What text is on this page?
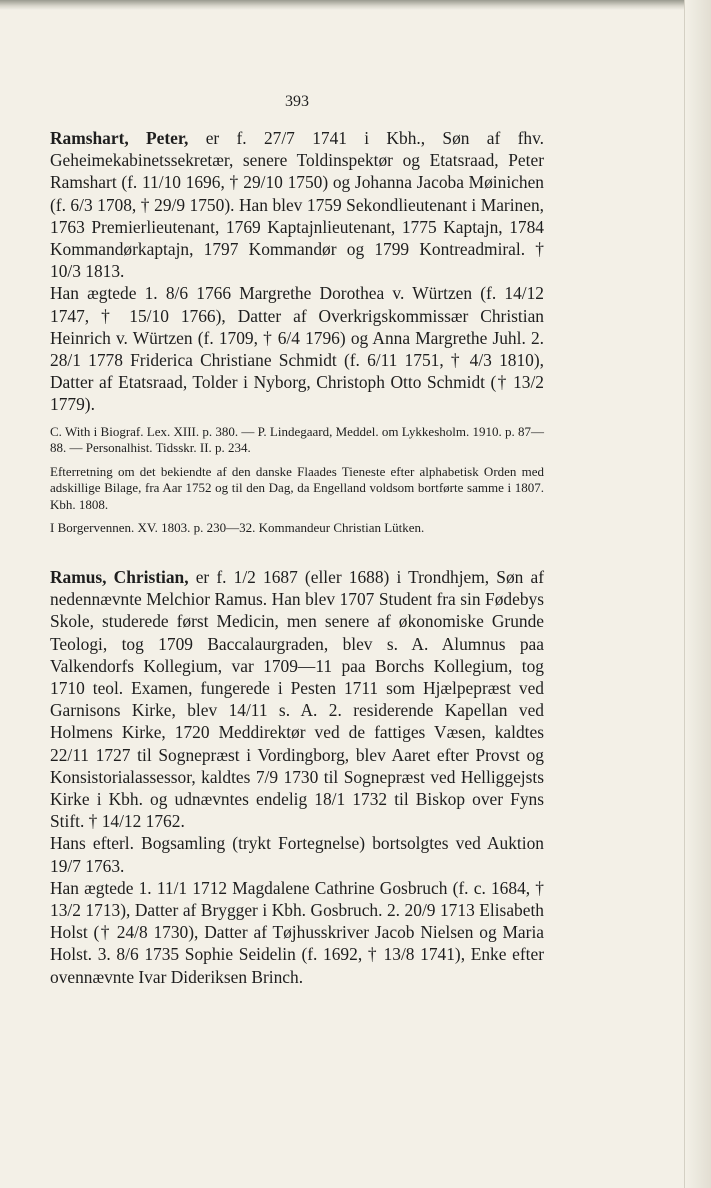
393

Ramshart, Peter, er f. 27/7 1741 i Kbh., Søn af fhv. Geheimekabinetssekretær, senere Toldinspektør og Etatsraad, Peter Ramshart (f. 11/10 1696, † 29/10 1750) og Johanna Jacoba Møinichen (f. 6/3 1708, † 29/9 1750). Han blev 1759 Sekondlieutenant i Marinen, 1763 Premierlieutenant, 1769 Kaptajnlieutenant, 1775 Kaptajn, 1784 Kommandørkaptajn, 1797 Kommandør og 1799 Kontreadmiral. † 10/3 1813.

Han ægtede 1. 8/6 1766 Margrethe Dorothea v. Würtzen (f. 14/12 1747, † 15/10 1766), Datter af Overkrigskommissær Christian Heinrich v. Würtzen (f. 1709, † 6/4 1796) og Anna Margrethe Juhl. 2. 28/1 1778 Friderica Christiane Schmidt (f. 6/11 1751, † 4/3 1810), Datter af Etatsraad, Tolder i Nyborg, Christoph Otto Schmidt († 13/2 1779).

C. With i Biograf. Lex. XIII. p. 380. — P. Lindegaard, Meddel. om Lykkesholm. 1910. p. 87—88. — Personalhist. Tidsskr. II. p. 234.

Efterretning om det bekiendte af den danske Flaades Tieneste efter alphabetisk Orden med adskillige Bilage, fra Aar 1752 og til den Dag, da Engelland voldsom bortførte samme i 1807. Kbh. 1808.

I Borgervennen. XV. 1803. p. 230—32. Kommandeur Christian Lütken.

Ramus, Christian, er f. 1/2 1687 (eller 1688) i Trondhjem, Søn af nedennævnte Melchior Ramus. Han blev 1707 Student fra sin Fødebys Skole, studerede først Medicin, men senere af økonomiske Grunde Teologi, tog 1709 Baccalaurgraden, blev s. A. Alumnus paa Valkendorfs Kollegium, var 1709—11 paa Borchs Kollegium, tog 1710 teol. Examen, fungerede i Pesten 1711 som Hjælpepræst ved Garnisons Kirke, blev 14/11 s. A. 2. residerende Kapellan ved Holmens Kirke, 1720 Meddirektør ved de fattiges Væsen, kaldtes 22/11 1727 til Sognepræst i Vordingborg, blev Aaret efter Provst og Konsistorialassessor, kaldtes 7/9 1730 til Sognepræst ved Helliggejsts Kirke i Kbh. og udnævntes endelig 18/1 1732 til Biskop over Fyns Stift. † 14/12 1762.

Hans efterl. Bogsamling (trykt Fortegnelse) bortsolgtes ved Auktion 19/7 1763.

Han ægtede 1. 11/1 1712 Magdalene Cathrine Gosbruch (f. c. 1684, † 13/2 1713), Datter af Brygger i Kbh. Gosbruch. 2. 20/9 1713 Elisabeth Holst († 24/8 1730), Datter af Tøjhusskriver Jacob Nielsen og Maria Holst. 3. 8/6 1735 Sophie Seidelin (f. 1692, † 13/8 1741), Enke efter ovennævnte Ivar Dideriksen Brinch.
